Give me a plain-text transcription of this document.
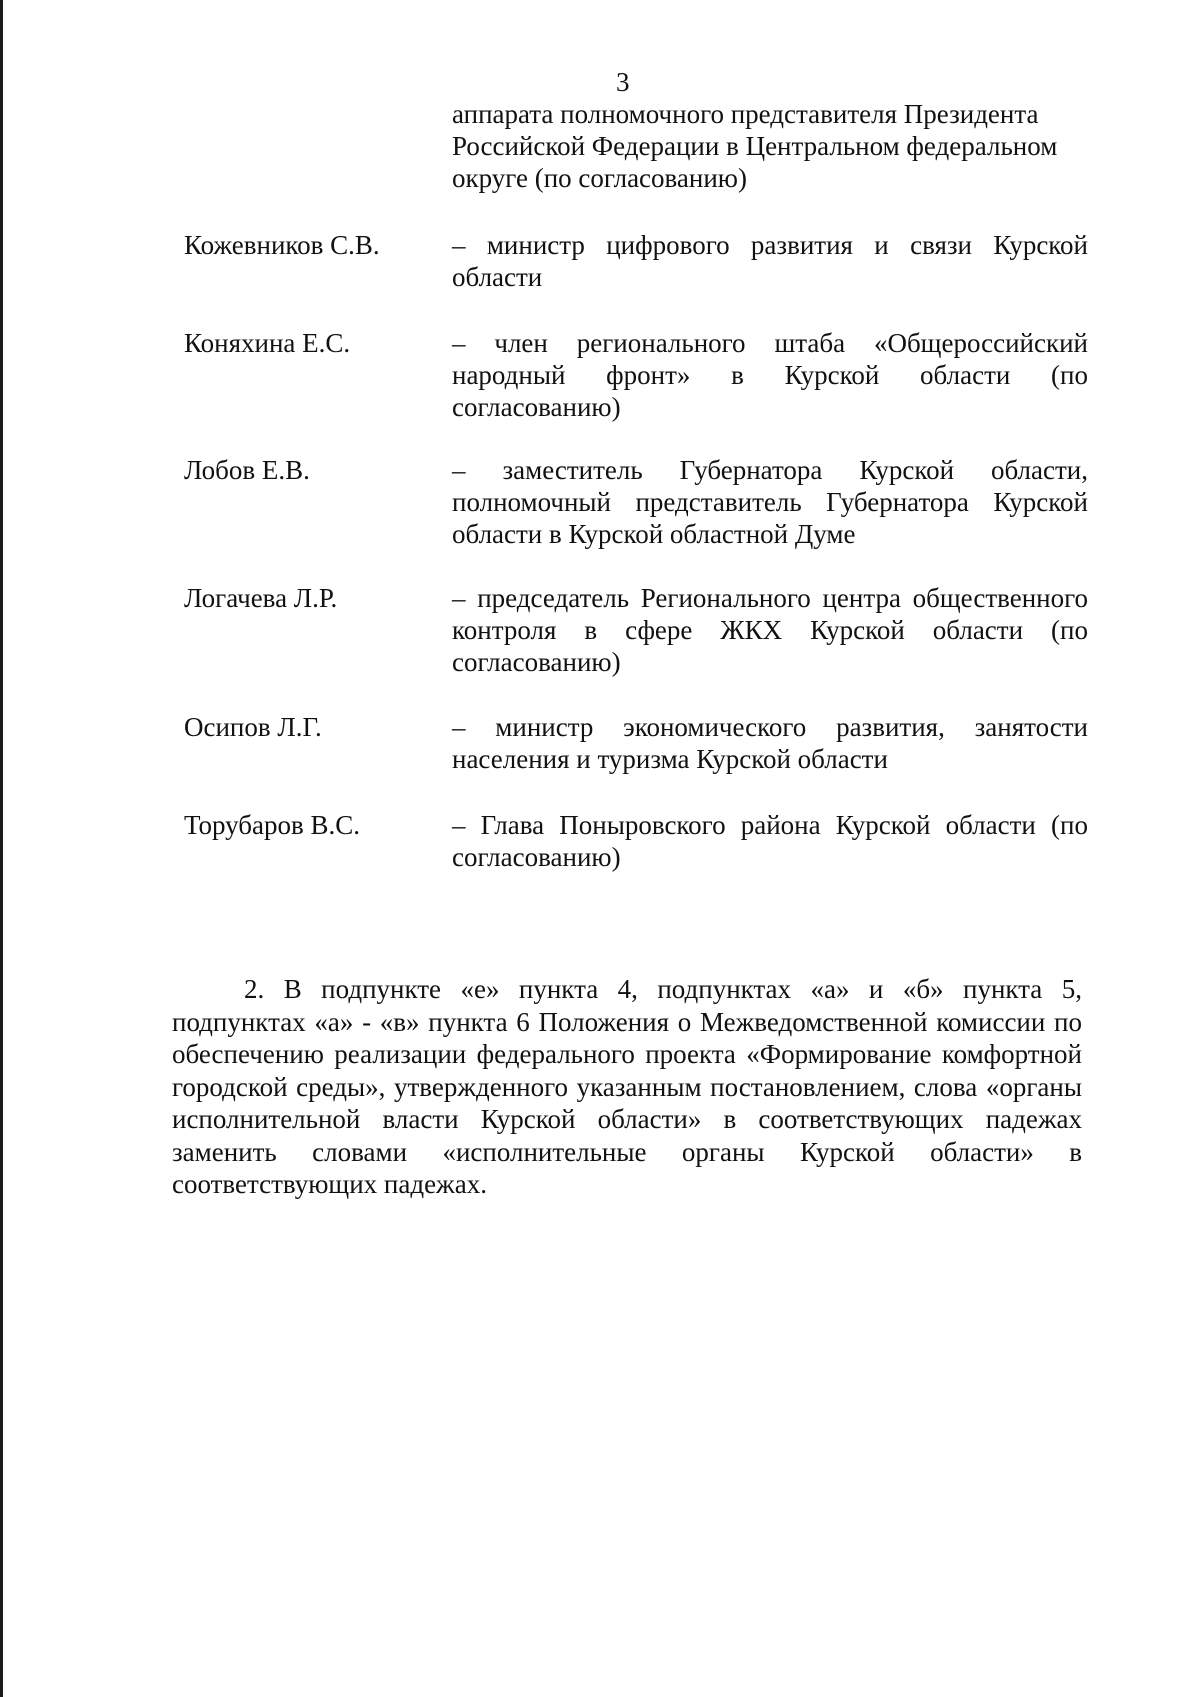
3
аппарата полномочного представителя Президента Российской Федерации в Центральном федеральном округе (по согласованию)
Кожевников С.В.	– министр цифрового развития и связи Курской области
Коняхина Е.С.	– член регионального штаба «Общероссийский народный фронт» в Курской области (по согласованию)
Лобов Е.В.	– заместитель Губернатора Курской области, полномочный представитель Губернатора Курской области в Курской областной Думе
Логачева Л.Р.	– председатель Регионального центра общественного контроля в сфере ЖКХ Курской области (по согласованию)
Осипов Л.Г.	– министр экономического развития, занятости населения и туризма Курской области
Торубаров В.С.	– Глава Поныровского района Курской области (по согласованию)
2. В подпункте «е» пункта 4, подпунктах «а» и «б» пункта 5, подпунктах «а» - «в» пункта 6 Положения о Межведомственной комиссии по обеспечению реализации федерального проекта «Формирование комфортной городской среды», утвержденного указанным постановлением, слова «органы исполнительной власти Курской области» в соответствующих падежах заменить словами «исполнительные органы Курской области» в соответствующих падежах.
